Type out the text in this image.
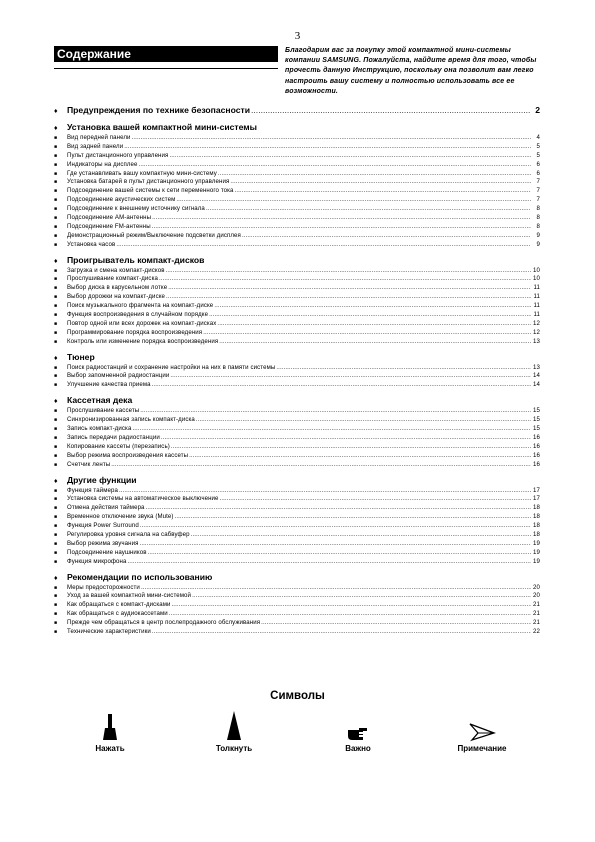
3
Содержание	Благодарим вас за покупку этой компактной мини-системы компании SAMSUNG. Пожалуйста, найдите время для того, чтобы прочесть данную Инструкцию, поскольку она позволит вам легко настроить вашу систему и полностью использовать все ее возможности.
♦	Предупреждения по технике безопасности .....	2
♦	Установка вашей компактной мини-системы
■	Вид передней панели .....	4
■	Вид задней панели .....	5
■	Пульт дистанционного управления .....	5
■	Индикаторы на дисплее .....	6
■	Где устанавливать вашу компактную мини-систему .....	6
■	Установка батарей в пульт дистанционного управления .....	7
■	Подсоединение вашей системы к сети переменного тока .....	7
■	Подсоединение акустических систем .....	7
■	Подсоединение к внешнему источнику сигнала .....	8
■	Подсоединение АМ-антенны .....	8
■	Подсоединение FM-антенны .....	8
■	Демонстрационный режим/Выключение подсветки дисплея .....	9
■	Установка часов .....	9
♦	Проигрыватель компакт-дисков
■	Загрузка и смена компакт-дисков .....	10
■	Прослушивание компакт-диска .....	10
■	Выбор диска в карусельном лотке .....	11
■	Выбор дорожки на компакт-диске .....	11
■	Поиск музыкального фрагмента на компакт-диске .....	11
■	Функция воспроизведения в случайном порядке .....	11
■	Повтор одной или всех дорожек на компакт-дисках .....	12
■	Программирование порядка воспроизведения .....	12
■	Контроль или изменение порядка воспроизведения .....	13
♦	Тюнер
■	Поиск радиостанций и сохранение настройки на них в памяти системы .....	13
■	Выбор запомненной радиостанции .....	14
■	Улучшение качества приема .....	14
♦	Кассетная дека
■	Прослушивание кассеты .....	15
■	Синхронизированная запись компакт-диска .....	15
■	Запись компакт-диска .....	15
■	Запись передачи радиостанции .....	16
■	Копирование кассеты (перезапись) .....	16
■	Выбор режима воспроизведения кассеты .....	16
■	Счетчик ленты .....	16
♦	Другие функции
■	Функция таймера .....	17
■	Установка системы на автоматическое выключение .....	17
■	Отмена действия таймера .....	18
■	Временное отключение звука (Mute) .....	18
■	Функция Power Surround .....	18
■	Регулировка уровня сигнала на сабвуфер .....	18
■	Выбор режима звучания .....	19
■	Подсоединение наушников .....	19
■	Функция микрофона .....	19
♦	Рекомендации по использованию
■	Меры предосторожности .....	20
■	Уход за вашей компактной мини-системой .....	20
■	Как обращаться с компакт-дисками .....	21
■	Как обращаться с аудиокассетами .....	21
■	Прежде чем обращаться в центр послепродажного обслуживания .....	21
■	Технические характеристики .....	22
Символы
Нажать	Толкнуть	Важно	Примечание
